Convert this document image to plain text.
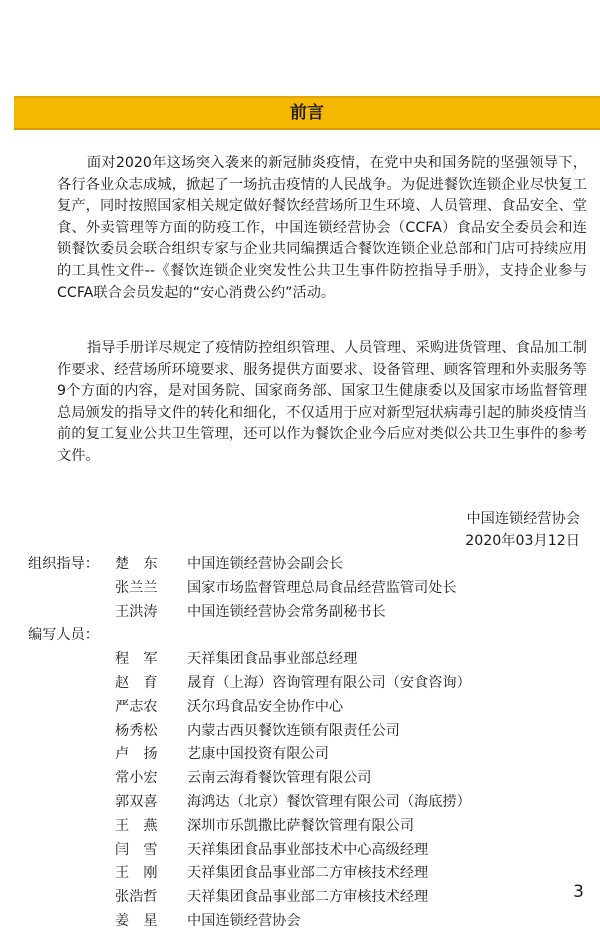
前言

面对2020年这场突入袭来的新冠肺炎疫情，在党中央和国务院的坚强领导下，各行各业众志成城，掀起了一场抗击疫情的人民战争。为促进餐饮连锁企业尽快复工复产，同时按照国家相关规定做好餐饮经营场所卫生环境、人员管理、食品安全、堂食、外卖管理等方面的防疫工作，中国连锁经营协会（CCFA）食品安全委员会和连锁餐饮委员会联合组织专家与企业共同编撰适合餐饮连锁企业总部和门店可持续应用的工具性文件--《餐饮连锁企业突发性公共卫生事件防控指导手册》，支持企业参与CCFA联合会员发起的“安心消费公约”活动。

指导手册详尽规定了疫情防控组织管理、人员管理、采购进货管理、食品加工制作要求、经营场所环境要求、服务提供方面要求、设备管理、顾客管理和外卖服务等9个方面的内容，是对国务院、国家商务部、国家卫生健康委以及国家市场监督管理总局颁发的指导文件的转化和细化，不仅适用于应对新型冠状病毒引起的肺炎疫情当前的复工复业公共卫生管理，还可以作为餐饮企业今后应对类似公共卫生事件的参考文件。

中国连锁经营协会
2020年03月12日
组织指导：	楚　东	中国连锁经营协会副会长
张兰兰	国家市场监督管理总局食品经营监管司处长
王洪涛	中国连锁经营协会常务副秘书长
编写人员：
程　军	天祥集团食品事业部总经理
赵　育	晟育（上海）咨询管理有限公司（安食咨询）
严志农	沃尔玛食品安全协作中心
杨秀松	内蒙古西贝餐饮连锁有限责任公司
卢　扬	艺康中国投资有限公司
常小宏	云南云海肴餐饮管理有限公司
郭双喜	海鸿达（北京）餐饮管理有限公司（海底捞）
王　燕	深圳市乐凯撒比萨餐饮管理有限公司
闫　雪	天祥集团食品事业部技术中心高级经理
王　刚	天祥集团食品事业部二方审核技术经理
张浩哲	天祥集团食品事业部二方审核技术经理
姜　星	中国连锁经营协会
3
